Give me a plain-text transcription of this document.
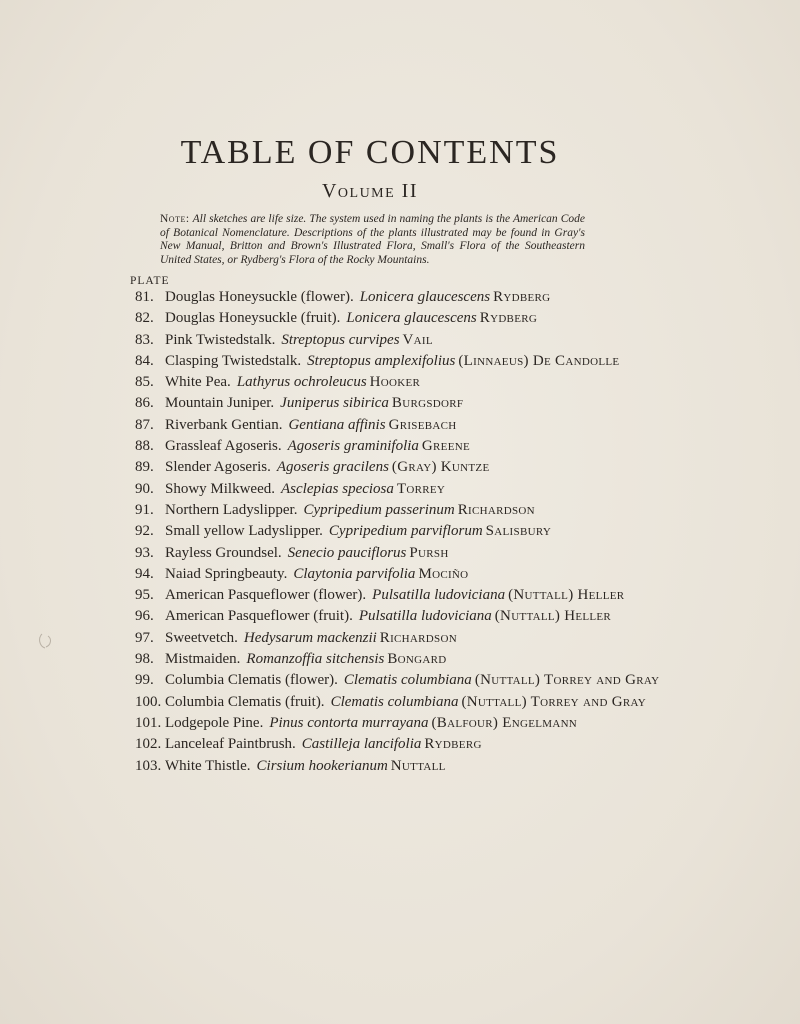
TABLE OF CONTENTS
Volume II
Note: All sketches are life size. The system used in naming the plants is the American Code of Botanical Nomenclature. Descriptions of the plants illustrated may be found in Gray's New Manual, Britton and Brown's Illustrated Flora, Small's Flora of the Southeastern United States, or Rydberg's Flora of the Rocky Mountains.
PLATE
81. Douglas Honeysuckle (flower). Lonicera glaucescens Rydberg
82. Douglas Honeysuckle (fruit). Lonicera glaucescens Rydberg
83. Pink Twistedstalk. Streptopus curvipes Vail
84. Clasping Twistedstalk. Streptopus amplexifolius (Linnaeus) De Candolle
85. White Pea. Lathyrus ochroleucus Hooker
86. Mountain Juniper. Juniperus sibirica Burgsdorf
87. Riverbank Gentian. Gentiana affinis Grisebach
88. Grassleaf Agoseris. Agoseris graminifolia Greene
89. Slender Agoseris. Agoseris gracilens (Gray) Kuntze
90. Showy Milkweed. Asclepias speciosa Torrey
91. Northern Ladyslipper. Cypripedium passerinum Richardson
92. Small yellow Ladyslipper. Cypripedium parviflorum Salisbury
93. Rayless Groundsel. Senecio pauciflorus Pursh
94. Naiad Springbeauty. Claytonia parvifolia Mociño
95. American Pasqueflower (flower). Pulsatilla ludoviciana (Nuttall) Heller
96. American Pasqueflower (fruit). Pulsatilla ludoviciana (Nuttall) Heller
97. Sweetvetch. Hedysarum mackenzii Richardson
98. Mistmaiden. Romanzoffia sitchensis Bongard
99. Columbia Clematis (flower). Clematis columbiana (Nuttall) Torrey and Gray
100. Columbia Clematis (fruit). Clematis columbiana (Nuttall) Torrey and Gray
101. Lodgepole Pine. Pinus contorta murrayana (Balfour) Engelmann
102. Lanceleaf Paintbrush. Castilleja lancifolia Rydberg
103. White Thistle. Cirsium hookerianum Nuttall
